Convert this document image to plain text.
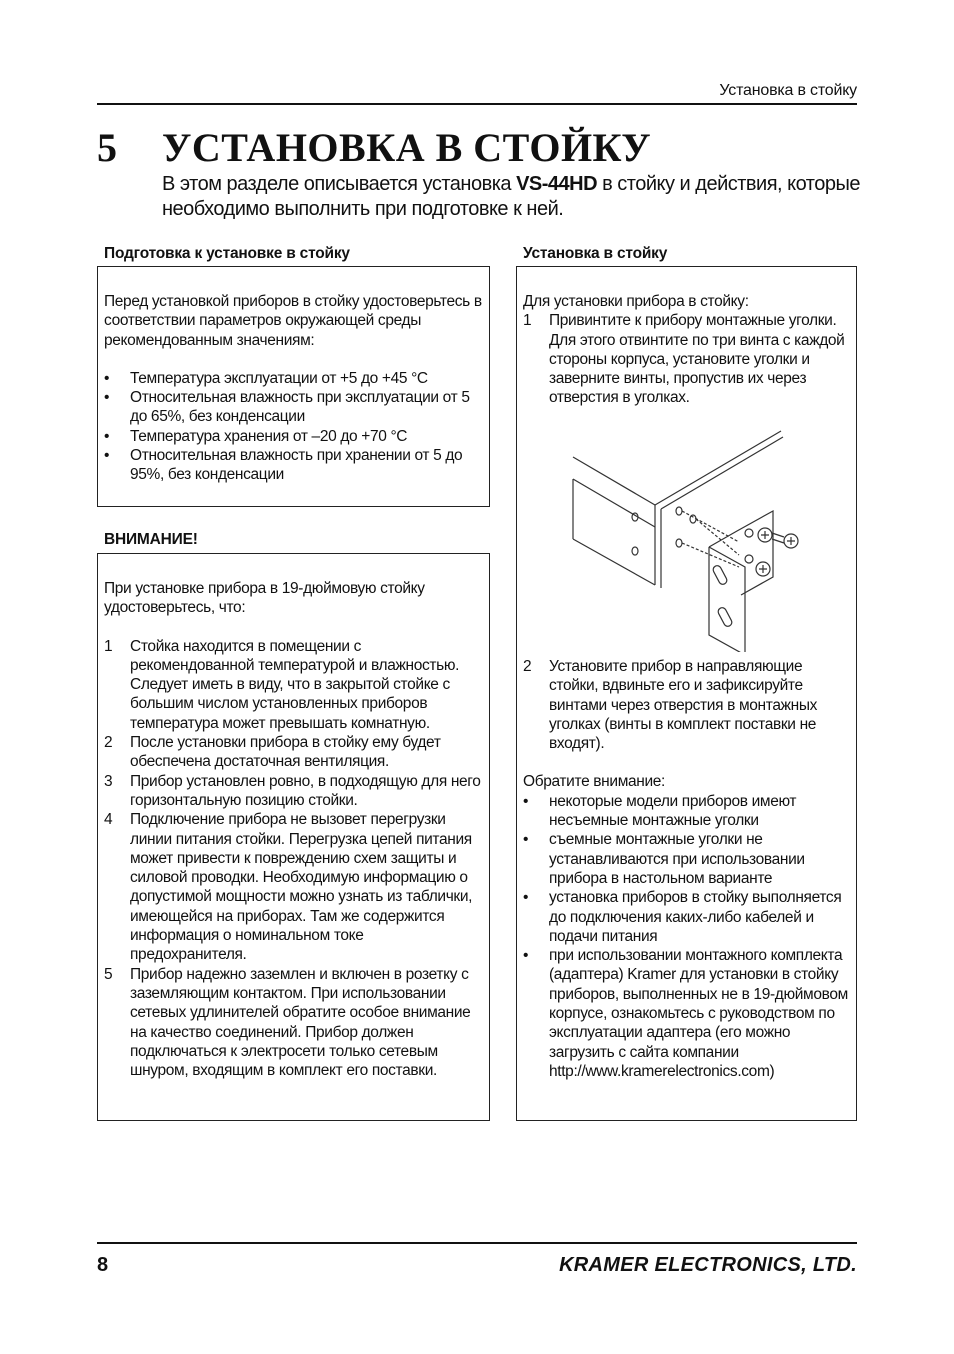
Установка в стойку
5 УСТАНОВКА В СТОЙКУ
В этом разделе описывается установка VS-44HD в стойку и действия, которые необходимо выполнить при подготовке к ней.
Подготовка к установке в стойку

Перед установкой приборов в стойку удостоверьтесь в соответствии параметров окружающей среды рекомендованным значениям:

• Температура эксплуатации от +5 до +45 °С
• Относительная влажность при эксплуатации от 5 до 65%, без конденсации
• Температура хранения от –20 до +70 °С
• Относительная влажность при хранении от 5 до 95%, без конденсации
ВНИМАНИЕ!

При установке прибора в 19-дюймовую стойку удостоверьтесь, что:

1 Стойка находится в помещении с рекомендованной температурой и влажностью. Следует иметь в виду, что в закрытой стойке с большим числом установленных приборов температура может превышать комнатную.
2 После установки прибора в стойку ему будет обеспечена достаточная вентиляция.
3 Прибор установлен ровно, в подходящую для него горизонтальную позицию стойки.
4 Подключение прибора не вызовет перегрузки линии питания стойки. Перегрузка цепей питания может привести к повреждению схем защиты и силовой проводки. Необходимую информацию о допустимой мощности можно узнать из таблички, имеющейся на приборах. Там же содержится информация о номинальном токе предохранителя.
5 Прибор надежно заземлен и включен в розетку с заземляющим контактом. При использовании сетевых удлинителей обратите особое внимание на качество соединений. Прибор должен подключаться к электросети только сетевым шнуром, входящим в комплект его поставки.
Установка в стойку

Для установки прибора в стойку:

1 Привинтите к прибору монтажные уголки. Для этого отвинтите по три винта с каждой стороны корпуса, установите уголки и заверните винты, пропустив их через отверстия в уголках.
2 Установите прибор в направляющие стойки, вдвиньте его и зафиксируйте винтами через отверстия в монтажных уголках (винты в комплект поставки не входят).

Обратите внимание:

• некоторые модели приборов имеют несъемные монтажные уголки
• съемные монтажные уголки не устанавливаются при использовании прибора в настольном варианте
• установка приборов в стойку выполняется до подключения каких-либо кабелей и подачи питания
• при использовании монтажного комплекта (адаптера) Kramer для установки в стойку приборов, выполненных не в 19-дюймовом корпусе, ознакомьтесь с руководством по эксплуатации адаптера (его можно загрузить с сайта компании http://www.kramerelectronics.com)
8	KRAMER ELECTRONICS, LTD.
